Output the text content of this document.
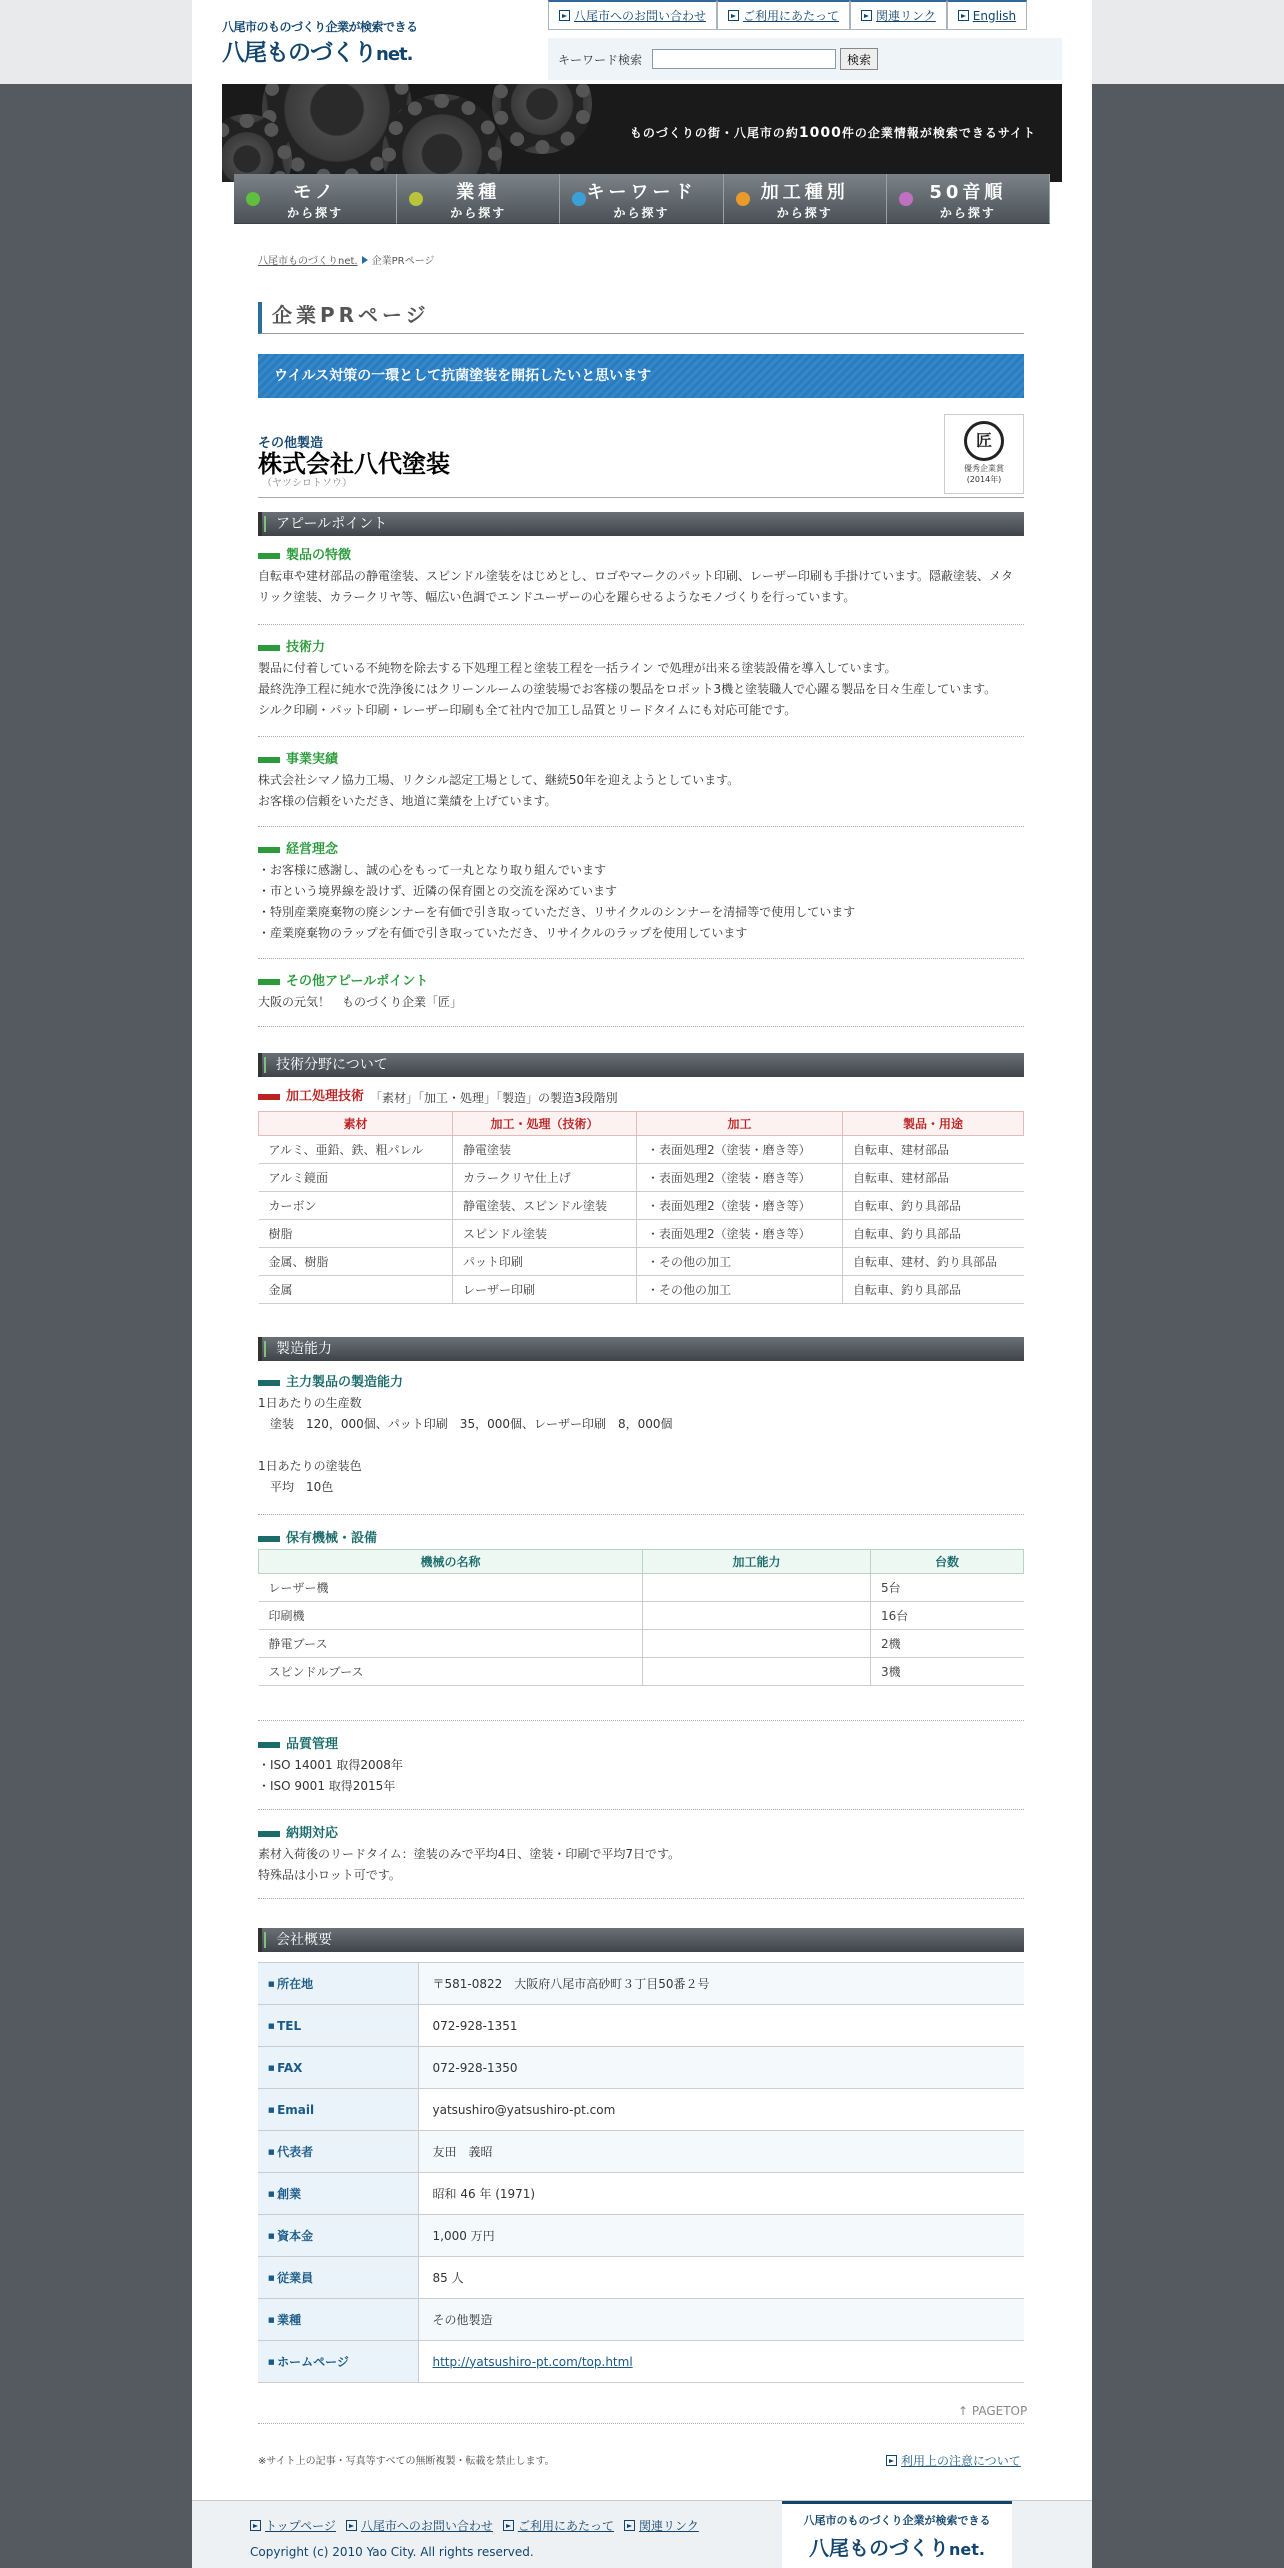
八尾市のものづくり企業が検索できる
八尾ものづくりnet.
八尾市へのお問い合わせ	ご利用にあたって	関連リンク	English
キーワード検索	検索
ものづくりの街・八尾市の約1000件の企業情報が検索できるサイト
モノ
から探す
業種
から探す
キーワード
から探す
加工種別
から探す
50音順
から探す
八尾市ものづくりnet. 企業PRページ
企業PRページ
ウイルス対策の一環として抗菌塗装を開拓したいと思います
その他製造
株式会社八代塗装
（ヤツシロトソウ）
匠
優秀企業賞
(2014年)
アピールポイント
製品の特徴
自転車や建材部品の静電塗装、スピンドル塗装をはじめとし、ロゴやマークのパット印刷、レーザー印刷も手掛けています。隠蔽塗装、メタ
リック塗装、カラークリヤ等、幅広い色調でエンドユーザーの心を躍らせるようなモノづくりを行っています。
技術力
製品に付着している不純物を除去する下処理工程と塗装工程を一括ライン で処理が出来る塗装設備を導入しています。
最終洗浄工程に純水で洗浄後にはクリーンルームの塗装場でお客様の製品をロボット3機と塗装職人で心躍る製品を日々生産しています。
シルク印刷・パット印刷・レーザー印刷も全て社内で加工し品質とリードタイムにも対応可能です。
事業実績
株式会社シマノ協力工場、リクシル認定工場として、継続50年を迎えようとしています。
お客様の信頼をいただき、地道に業績を上げています。
経営理念
・お客様に感謝し、誠の心をもって一丸となり取り組んでいます
・市という境界線を設けず、近隣の保育園との交流を深めています
・特別産業廃棄物の廃シンナーを有価で引き取っていただき、リサイクルのシンナーを清掃等で使用しています
・産業廃棄物のラップを有価で引き取っていただき、リサイクルのラップを使用しています
その他アピールポイント
大阪の元気！　ものづくり企業「匠」
技術分野について
加工処理技術 「素材」「加工・処理」「製造」の製造3段階別
素材	加工・処理（技術）	加工	製品・用途
アルミ、亜鉛、鉄、粗パレル	静電塗装	・表面処理2（塗装・磨き等）	自転車、建材部品
アルミ鏡面	カラークリヤ仕上げ	・表面処理2（塗装・磨き等）	自転車、建材部品
カーボン	静電塗装、スピンドル塗装	・表面処理2（塗装・磨き等）	自転車、釣り具部品
樹脂	スピンドル塗装	・表面処理2（塗装・磨き等）	自転車、釣り具部品
金属、樹脂	パット印刷	・その他の加工	自転車、建材、釣り具部品
金属	レーザー印刷	・その他の加工	自転車、釣り具部品
製造能力
主力製品の製造能力
1日あたりの生産数
　塗装　120，000個、パット印刷　35，000個、レーザー印刷　8，000個
1日あたりの塗装色
　平均　10色
保有機械・設備
機械の名称	加工能力	台数
レーザー機		5台
印刷機		16台
静電ブース		2機
スピンドルブース		3機
品質管理
・ISO 14001 取得2008年
・ISO 9001 取得2015年
納期対応
素材入荷後のリードタイム：塗装のみで平均4日、塗装・印刷で平均7日です。
特殊品は小ロット可です。
会社概要
■ 所在地	〒581-0822　大阪府八尾市高砂町３丁目50番２号
■ TEL	072-928-1351
■ FAX	072-928-1350
■ Email	yatsushiro@yatsushiro-pt.com
■ 代表者	友田　義昭
■ 創業	昭和 46 年 (1971)
■ 資本金	1,000 万円
■ 従業員	85 人
■ 業種	その他製造
■ ホームページ	http://yatsushiro-pt.com/top.html
↑ PAGETOP
※サイト上の記事・写真等すべての無断複製・転載を禁止します。	利用上の注意について
トップページ 八尾市へのお問い合わせ ご利用にあたって 関連リンク
Copyright (c) 2010 Yao City. All rights reserved.
八尾市のものづくり企業が検索できる
八尾ものづくりnet.
